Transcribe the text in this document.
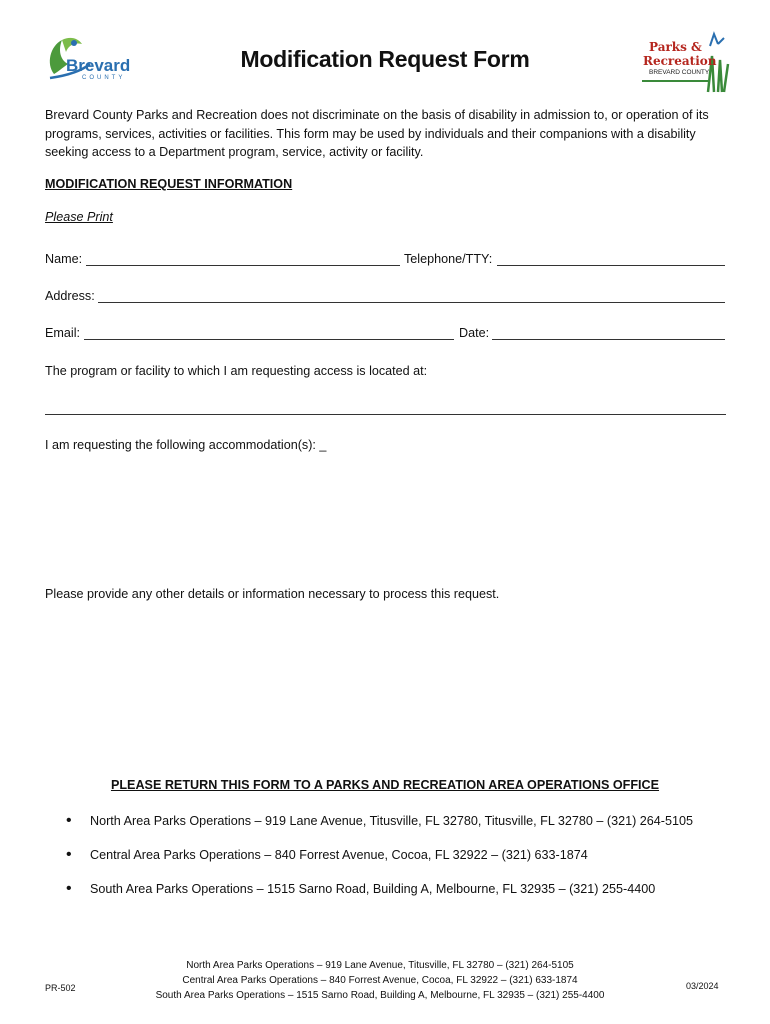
Brevard
COUNTY
Modification Request Form	Parks &
Recreation
BREVARD COUNTY
Brevard County Parks and Recreation does not discriminate on the basis of disability in admission to, or operation of its
programs, services, activities or facilities. This form may be used by individuals and their companions with a disability
seeking access to a Department program, service, activity or facility.
MODIFICATION REQUEST INFORMATION
Please Print
Name:	Telephone/TTY:
Address:
Email:	Date:
The program or facility to which I am requesting access is located at:
I am requesting the following accommodation(s): _
Please provide any other details or information necessary to process this request.
PLEASE RETURN THIS FORM TO A PARKS AND RECREATION AREA OPERATIONS OFFICE
• North Area Parks Operations – 919 Lane Avenue, Titusville, FL 32780, Titusville, FL 32780 – (321) 264-5105
• Central Area Parks Operations – 840 Forrest Avenue, Cocoa, FL 32922 – (321) 633-1874
• South Area Parks Operations – 1515 Sarno Road, Building A, Melbourne, FL 32935 – (321) 255-4400
PR-502
North Area Parks Operations – 919 Lane Avenue, Titusville, FL 32780 – (321) 264-5105
Central Area Parks Operations – 840 Forrest Avenue, Cocoa, FL 32922 – (321) 633-1874
South Area Parks Operations – 1515 Sarno Road, Building A, Melbourne, FL 32935 – (321) 255-4400
03/2024
